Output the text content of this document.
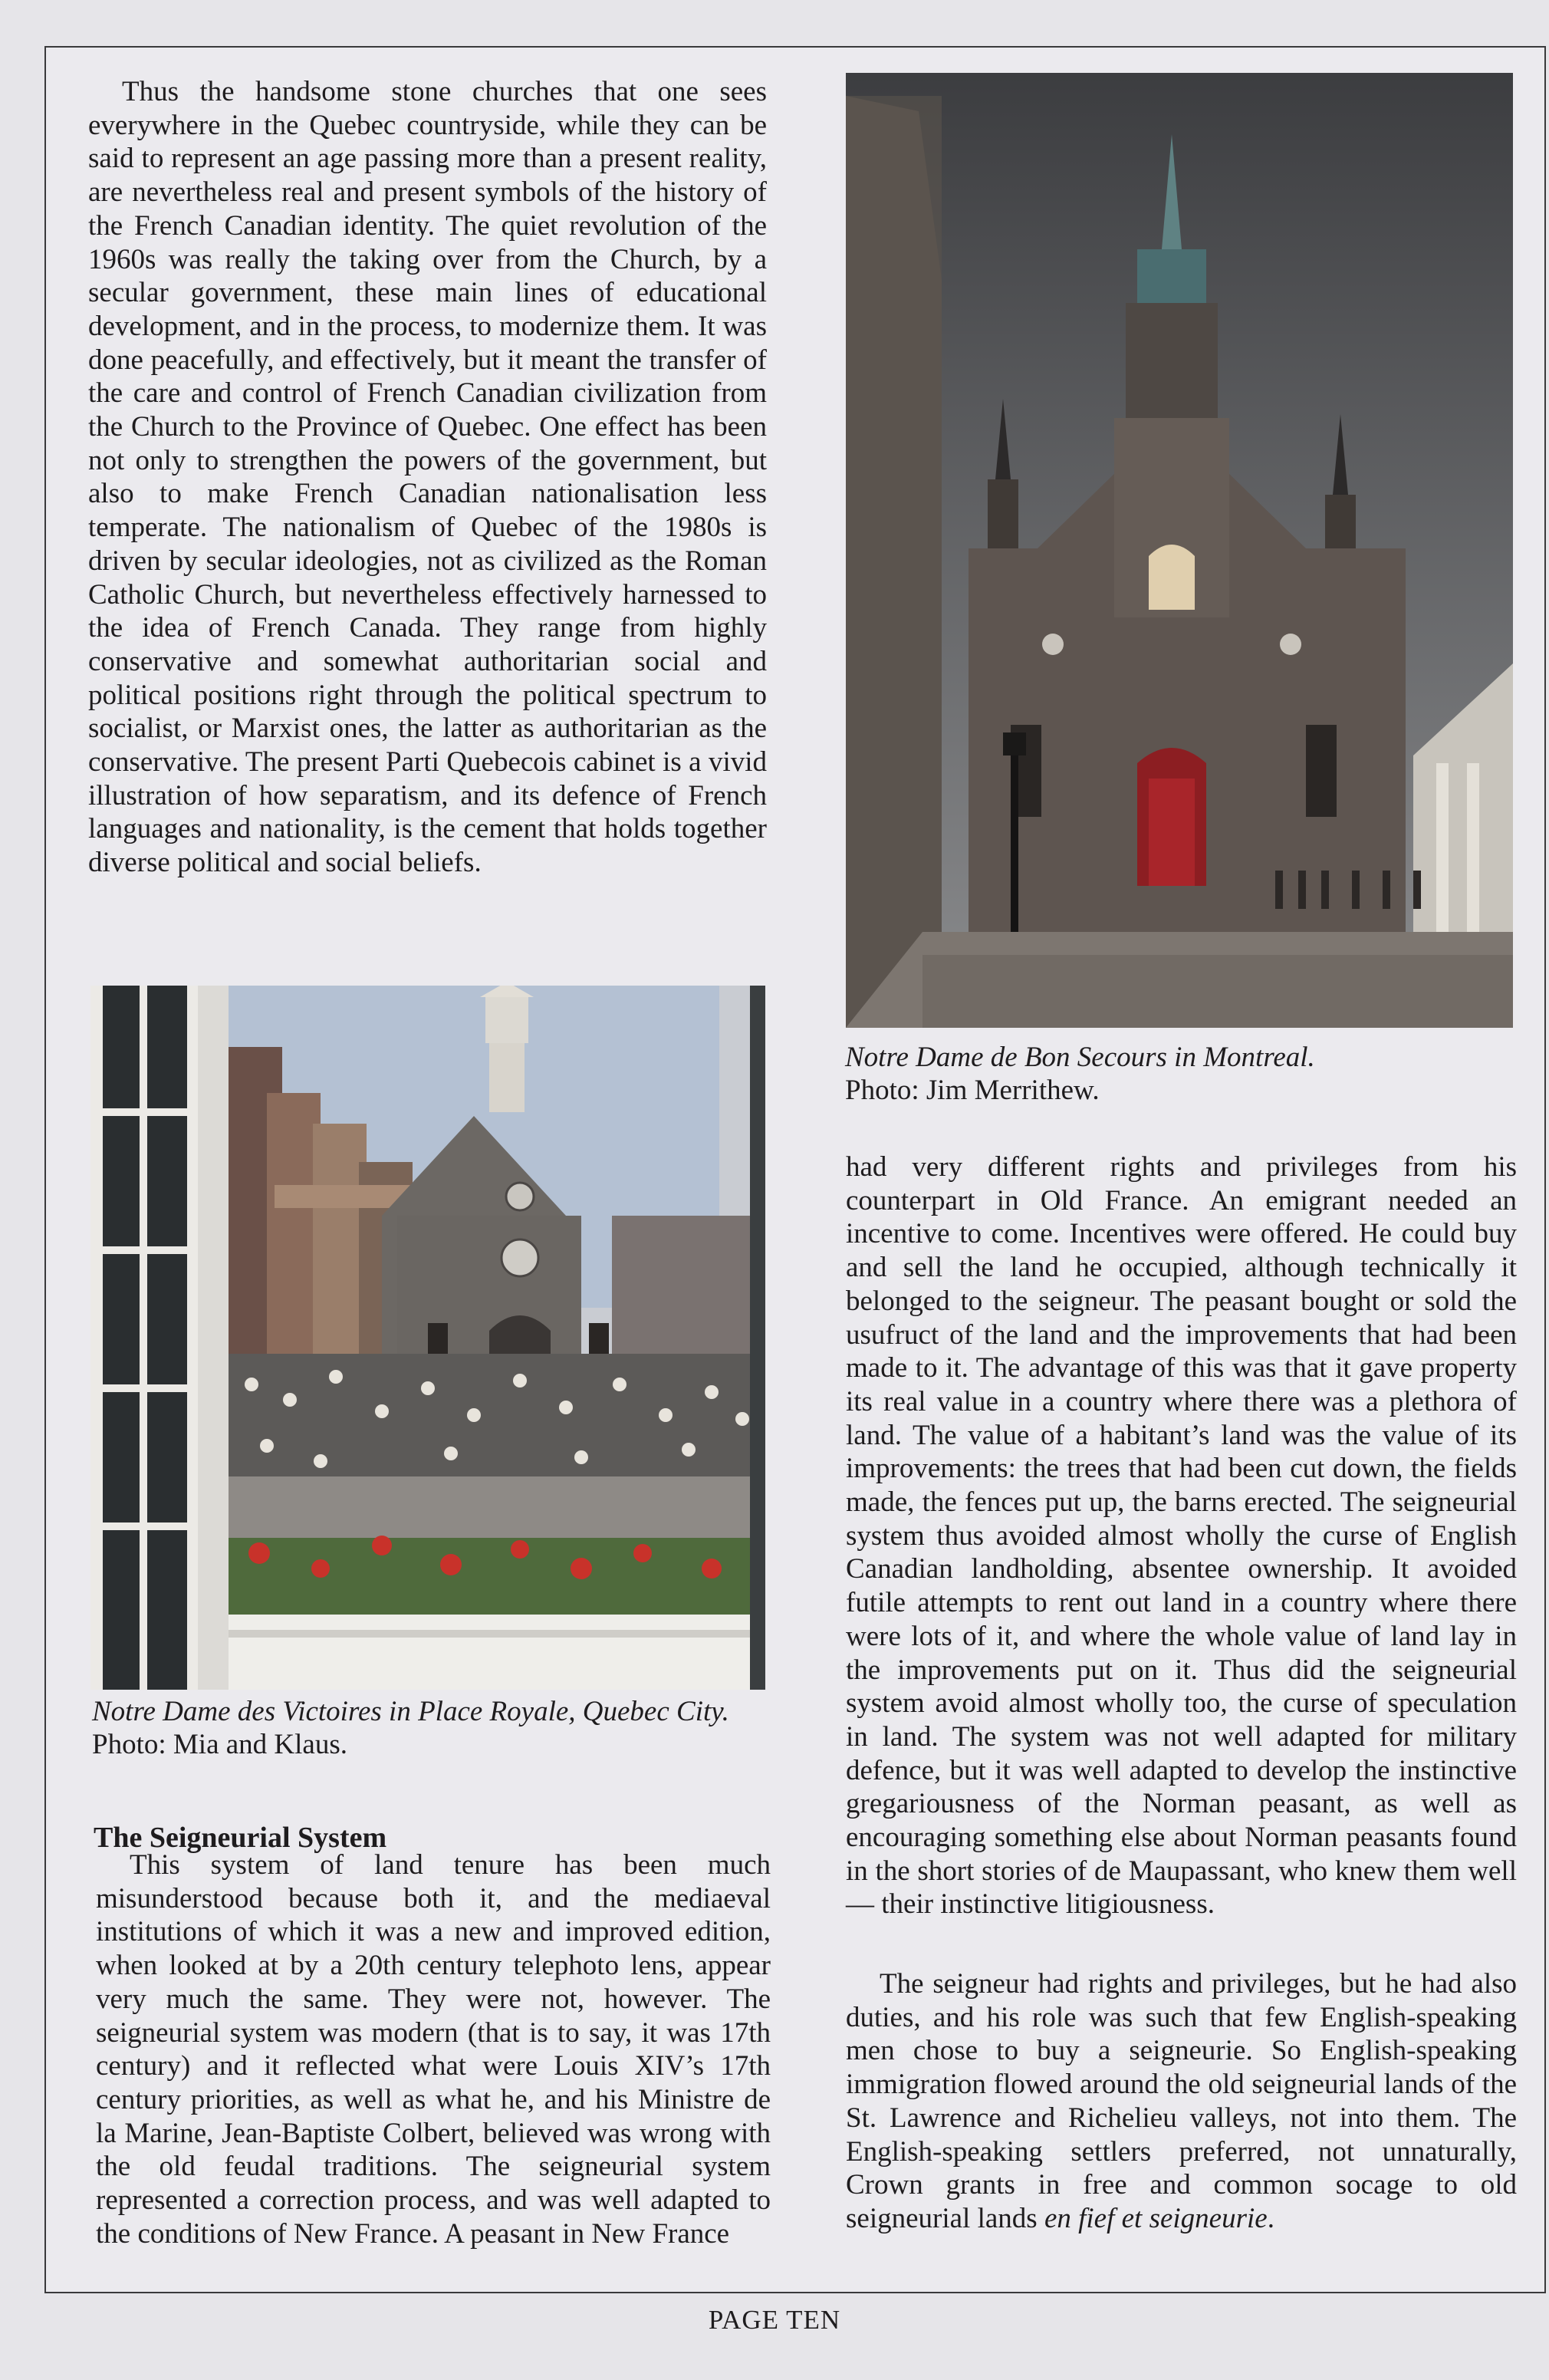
Thus the handsome stone churches that one sees everywhere in the Quebec countryside, while they can be said to represent an age passing more than a present reality, are nevertheless real and present symbols of the history of the French Canadian identity. The quiet revolution of the 1960s was really the taking over from the Church, by a secular government, these main lines of educational development, and in the process, to modernize them. It was done peacefully, and effectively, but it meant the transfer of the care and control of French Canadian civilization from the Church to the Province of Quebec. One effect has been not only to strengthen the powers of the government, but also to make French Canadian nationalisation less temperate. The nationalism of Quebec of the 1980s is driven by secular ideologies, not as civilized as the Roman Catholic Church, but nevertheless effectively harnessed to the idea of French Canada. They range from highly conservative and somewhat authoritarian social and political positions right through the political spectrum to socialist, or Marxist ones, the latter as authoritarian as the conservative. The present Parti Quebecois cabinet is a vivid illustration of how separatism, and its defence of French languages and nationality, is the cement that holds together diverse political and social beliefs.

Notre Dame des Victoires in Place Royale, Quebec City.
Photo: Mia and Klaus.
The Seigneurial System

This system of land tenure has been much misunderstood because both it, and the mediaeval institutions of which it was a new and improved edition, when looked at by a 20th century telephoto lens, appear very much the same. They were not, however. The seigneurial system was modern (that is to say, it was 17th century) and it reflected what were Louis XIV’s 17th century priorities, as well as what he, and his Ministre de la Marine, Jean-Baptiste Colbert, believed was wrong with the old feudal traditions. The seigneurial system represented a correction process, and was well adapted to the conditions of New France. A peasant in New France

Notre Dame de Bon Secours in Montreal.
Photo: Jim Merrithew.

had very different rights and privileges from his counterpart in Old France. An emigrant needed an incentive to come. Incentives were offered. He could buy and sell the land he occupied, although technically it belonged to the seigneur. The peasant bought or sold the usufruct of the land and the improvements that had been made to it. The advantage of this was that it gave property its real value in a country where there was a plethora of land. The value of a habitant’s land was the value of its improvements: the trees that had been cut down, the fields made, the fences put up, the barns erected. The seigneurial system thus avoided almost wholly the curse of English Canadian landholding, absentee ownership. It avoided futile attempts to rent out land in a country where there were lots of it, and where the whole value of land lay in the improvements put on it. Thus did the seigneurial system avoid almost wholly too, the curse of speculation in land. The system was not well adapted for military defence, but it was well adapted to develop the instinctive gregariousness of the Norman peasant, as well as encouraging something else about Norman peasants found in the short stories of de Maupassant, who knew them well — their instinctive litigiousness.

The seigneur had rights and privileges, but he had also duties, and his role was such that few English-speaking men chose to buy a seigneurie. So English-speaking immigration flowed around the old seigneurial lands of the St. Lawrence and Richelieu valleys, not into them. The English-speaking settlers preferred, not unnaturally, Crown grants in free and common socage to old seigneurial lands en fief et seigneurie.

PAGE TEN
